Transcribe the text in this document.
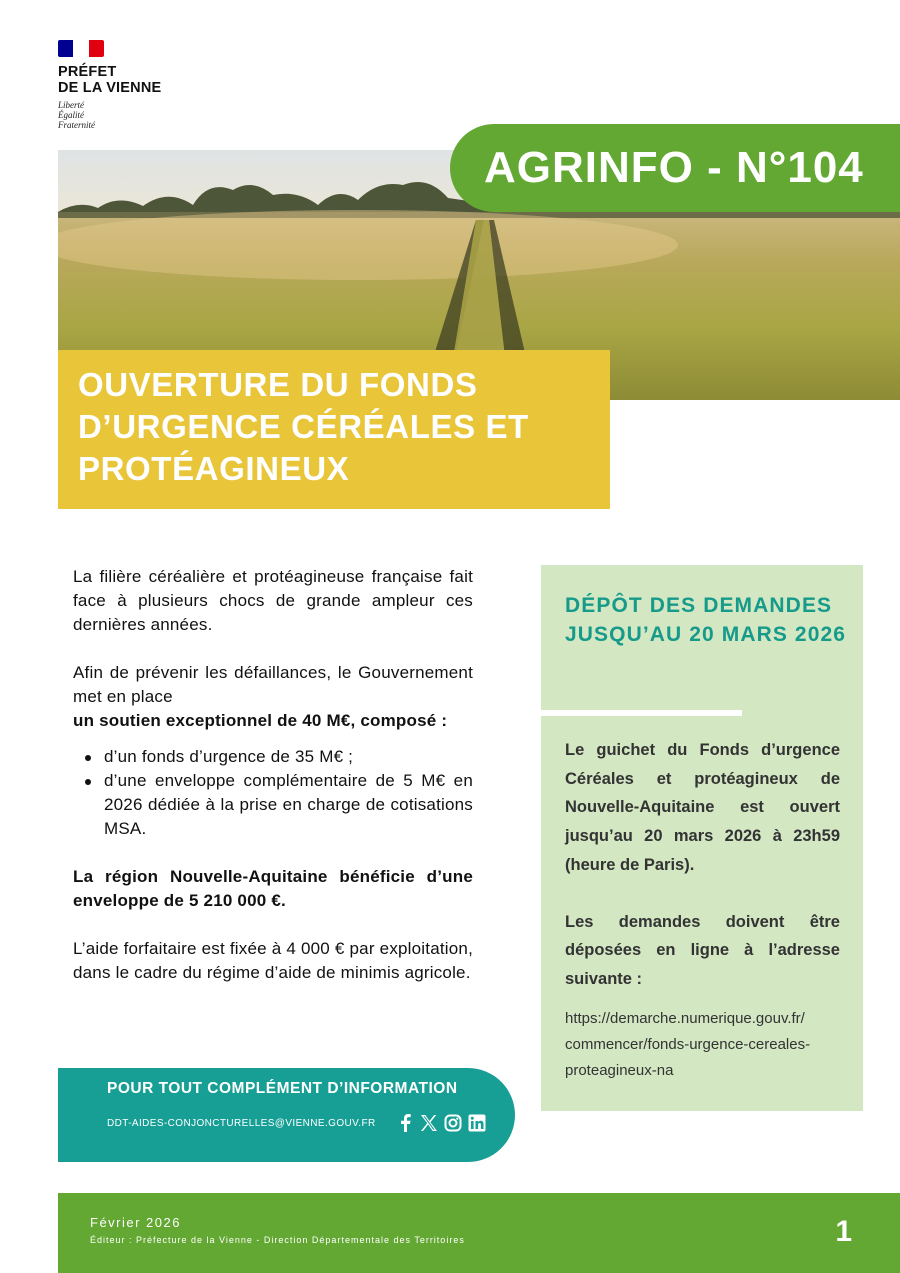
PRÉFET
DE LA VIENNE
Liberté
Égalité
Fraternité
AGRINFO - N°104
OUVERTURE DU FONDS
D’URGENCE CÉRÉALES ET
PROTÉAGINEUX

La filière céréalière et protéagineuse française fait face à plusieurs chocs de grande ampleur ces dernières années.

Afin de prévenir les défaillances, le Gouvernement met en place
un soutien exceptionnel de 40 M€, composé :

d’un fonds d’urgence de 35 M€ ;
d’une enveloppe complémentaire de 5 M€ en 2026 dédiée à la prise en charge de cotisations MSA.

La région Nouvelle-Aquitaine bénéficie d’une enveloppe de 5 210 000 €.

L’aide forfaitaire est fixée à 4 000 € par exploitation, dans le cadre du régime d’aide de minimis agricole.

DÉPÔT DES DEMANDES JUSQU’AU 20 MARS 2026

Le guichet du Fonds d’urgence Céréales et protéagineux de Nouvelle-Aquitaine est ouvert jusqu’au 20 mars 2026 à 23h59 (heure de Paris).

Les demandes doivent être déposées en ligne à l’adresse suivante :

https://demarche.numerique.gouv.fr/
commencer/fonds-urgence-cereales-
proteagineux-na
POUR TOUT COMPLÉMENT D’INFORMATION
DDT-AIDES-CONJONCTURELLES@VIENNE.GOUV.FR
Février 2026
Éditeur : Préfecture de la Vienne - Direction Départementale des Territoires	1
